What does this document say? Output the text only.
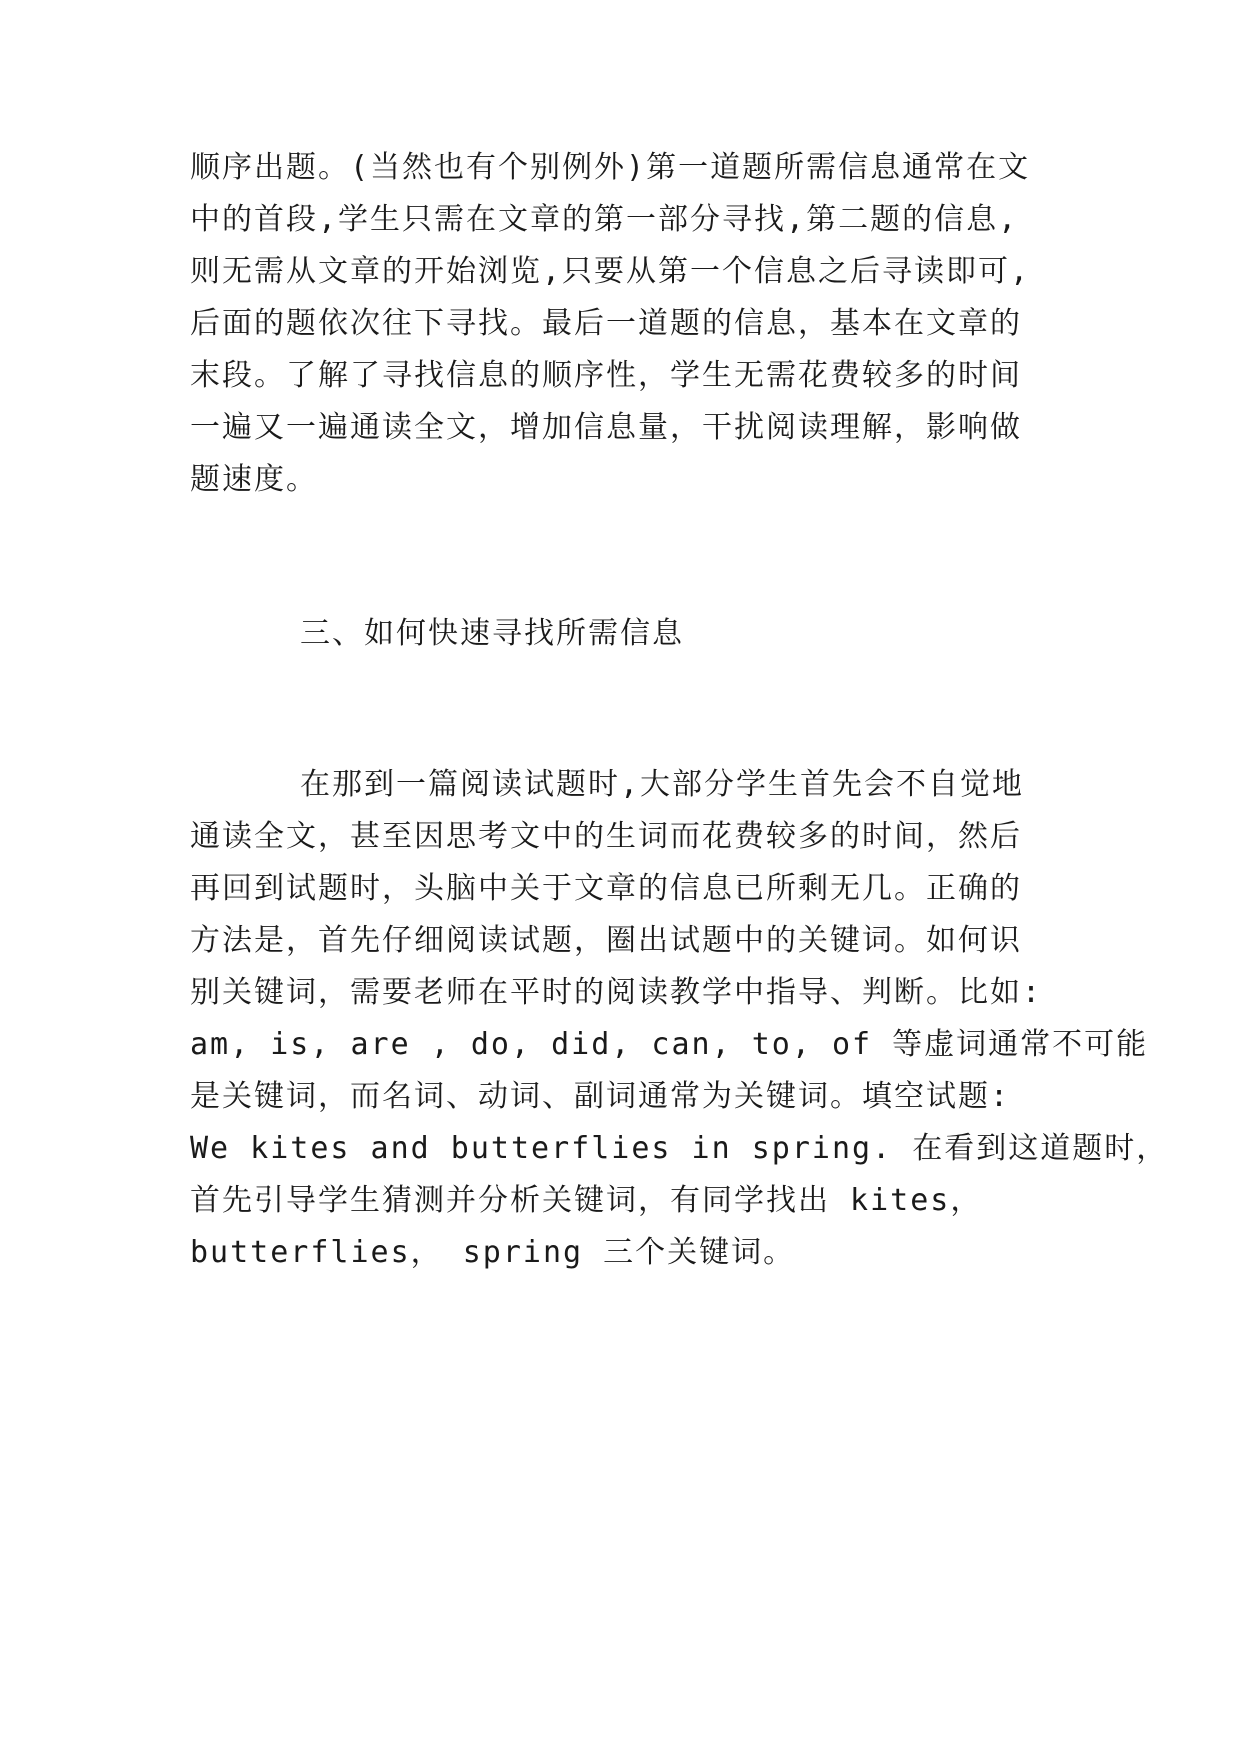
顺序出题。(当然也有个别例外)第一道题所需信息通常在文
中的首段,学生只需在文章的第一部分寻找,第二题的信息,
则无需从文章的开始浏览,只要从第一个信息之后寻读即可,
后面的题依次往下寻找。最后一道题的信息，基本在文章的
末段。了解了寻找信息的顺序性，学生无需花费较多的时间
一遍又一遍通读全文，增加信息量，干扰阅读理解，影响做
题速度。
三、如何快速寻找所需信息
在那到一篇阅读试题时,大部分学生首先会不自觉地
通读全文，甚至因思考文中的生词而花费较多的时间，然后
再回到试题时，头脑中关于文章的信息已所剩无几。正确的
方法是，首先仔细阅读试题，圈出试题中的关键词。如何识
别关键词，需要老师在平时的阅读教学中指导、判断。比如:
am, is, are , do, did, can, to, of 等虚词通常不可能
是关键词，而名词、动词、副词通常为关键词。填空试题:
We kites and butterflies in spring. 在看到这道题时，
首先引导学生猜测并分析关键词，有同学找出 kites，
butterflies， spring 三个关键词。
